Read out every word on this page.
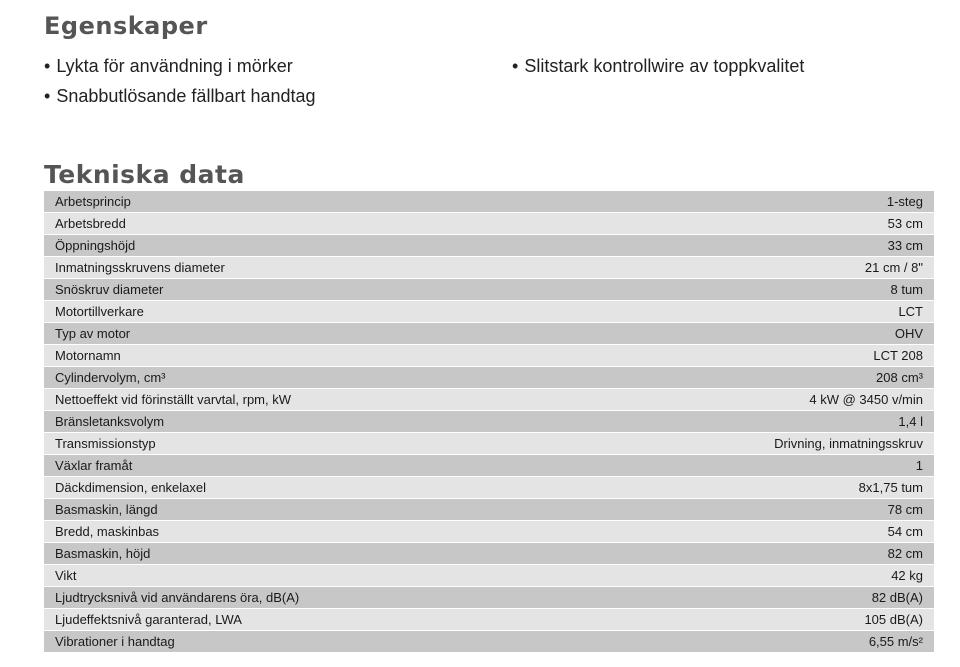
Egenskaper
• Lykta för användning i mörker
• Snabbutlösande fällbart handtag
• Slitstark kontrollwire av toppkvalitet
Tekniska data
Arbetsprincip	1-steg
Arbetsbredd	53 cm
Öppningshöjd	33 cm
Inmatningsskruvens diameter	21 cm / 8"
Snöskruv diameter	8 tum
Motortillverkare	LCT
Typ av motor	OHV
Motornamn	LCT 208
Cylindervolym, cm³	208 cm³
Nettoeffekt vid förinställt varvtal, rpm, kW	4 kW @ 3450 v/min
Bränsletanksvolym	1,4 l
Transmissionstyp	Drivning, inmatningsskruv
Växlar framåt	1
Däckdimension, enkelaxel	8x1,75 tum
Basmaskin, längd	78 cm
Bredd, maskinbas	54 cm
Basmaskin, höjd	82 cm
Vikt	42 kg
Ljudtrycksnivå vid användarens öra, dB(A)	82 dB(A)
Ljudeffektsnivå garanterad, LWA	105 dB(A)
Vibrationer i handtag	6,55 m/s²
